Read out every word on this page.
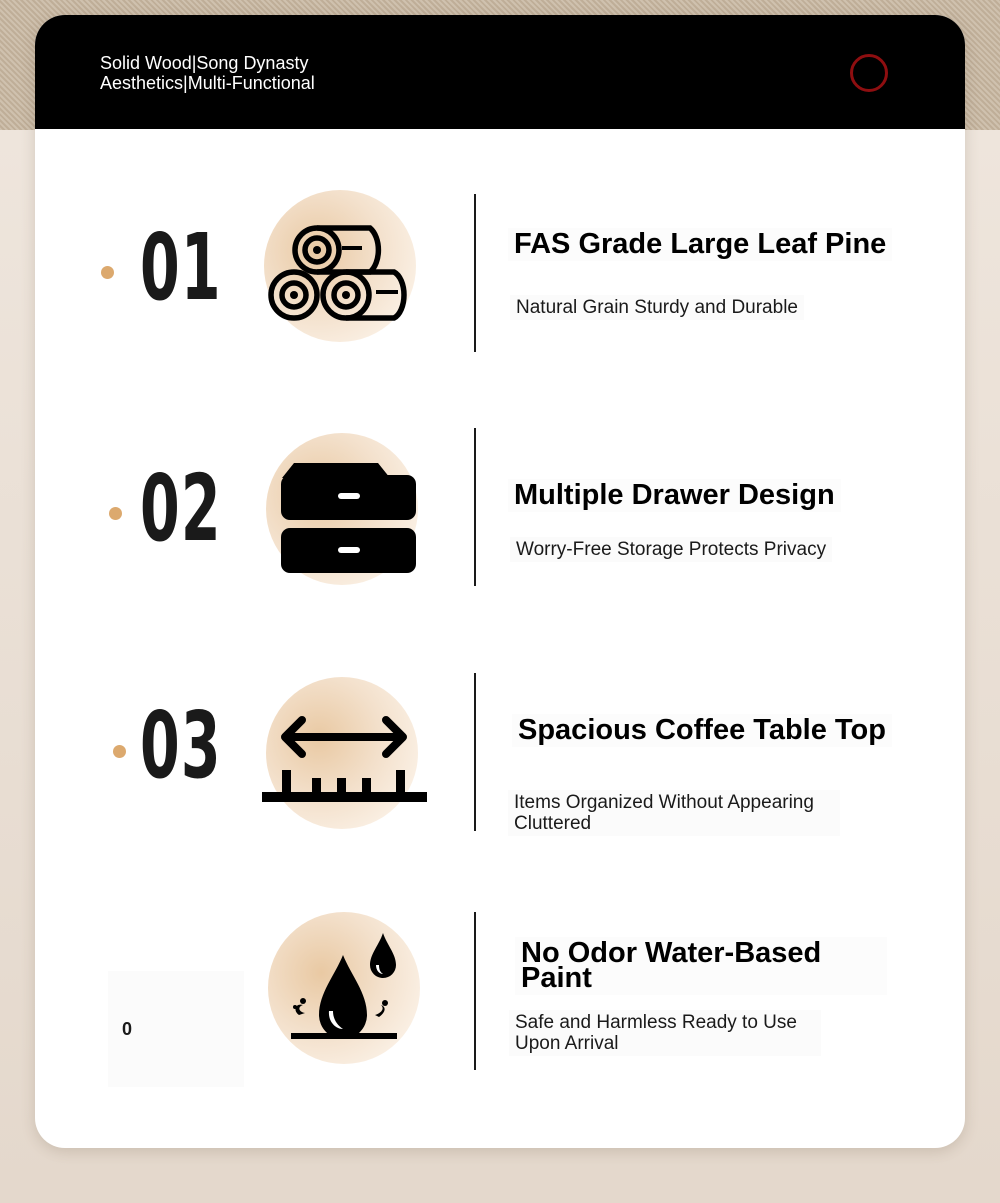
Solid Wood|Song Dynasty Aesthetics|Multi-Functional
01	FAS Grade Large Leaf Pine
Natural Grain Sturdy and Durable
02	Multiple Drawer Design
Worry-Free Storage Protects Privacy
03	Spacious Coffee Table Top
Items Organized Without Appearing Cluttered
0
No Odor Water-Based Paint
Safe and Harmless Ready to Use Upon Arrival
